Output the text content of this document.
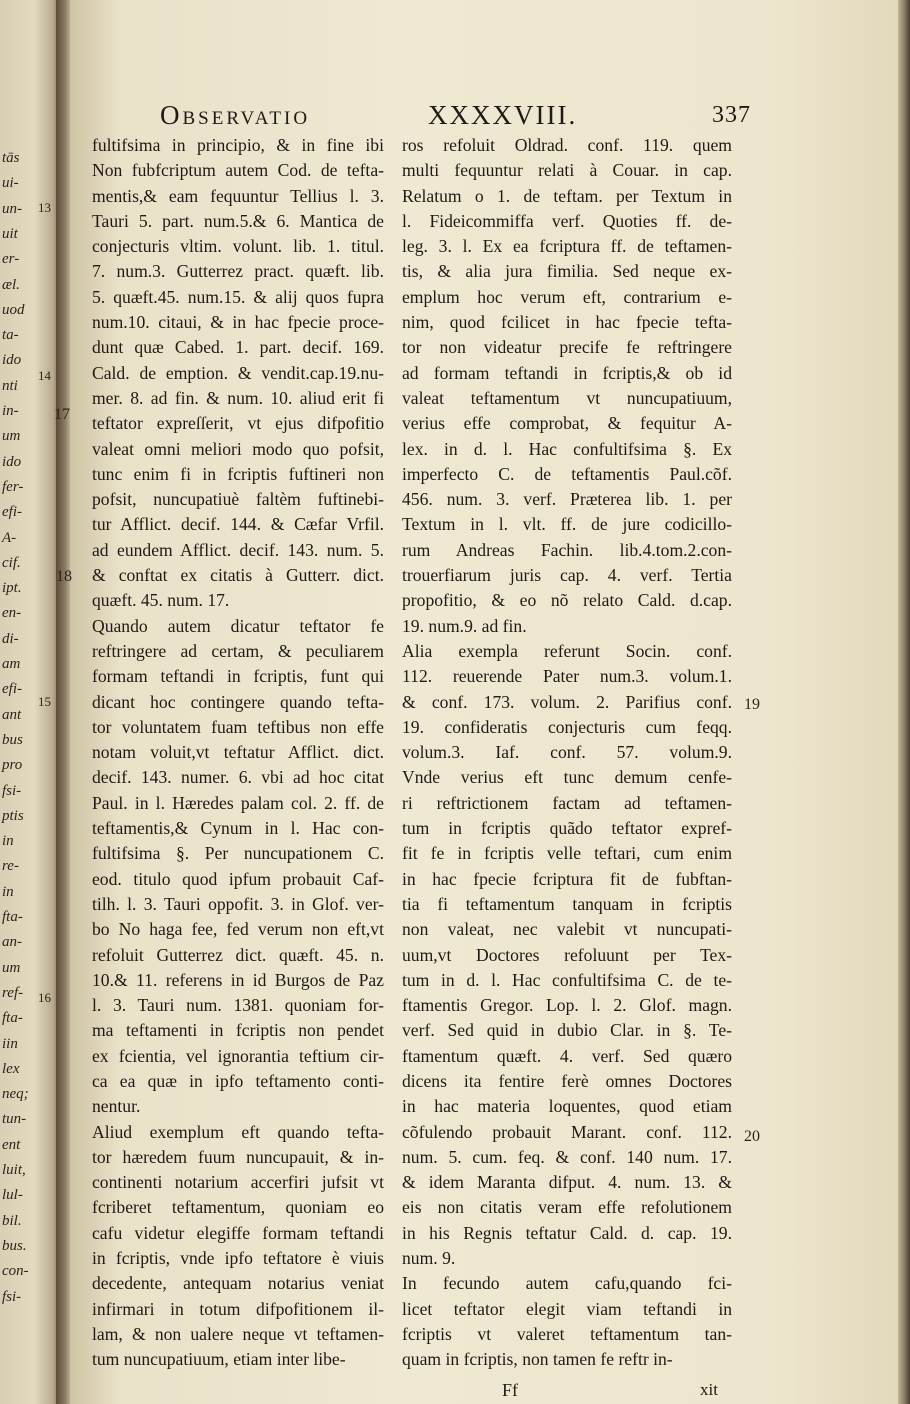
tās
ui-
un-
uit
er-
æl.
uod
ta-
ido
nti
in-
um
ido
fer-
efi-
A-
cif.
ipt.
en-
di-
am
efi-
ant
bus
pro
fsi-
ptis
in
re-
in
fta-
an-
um
ref-
fta-
iin
lex
neq;
tun-
ent
luit,
lul-
bil.
bus.
con-
fsi-
13
14
15
16
Observatio	XXXXVIII.	337
fultifsima in principio, & in fine ibi
Non fubfcriptum autem Cod. de tefta-
mentis,& eam fequuntur Tellius l. 3.
Tauri 5. part. num.5.& 6. Mantica de
conjecturis vltim. volunt. lib. 1. titul.
7. num.3. Gutterrez pract. quæft. lib.
5. quæft.45. num.15. & alij quos fupra
num.10. citaui, & in hac fpecie proce-
dunt quæ Cabed. 1. part. decif. 169.
Cald. de emption. & vendit.cap.19.nu-
mer. 8. ad fin. & num. 10. aliud erit fi
teftator expreſſerit, vt ejus difpofitio
valeat omni meliori modo quo pofsit,
tunc enim fi in fcriptis fuftineri non
pofsit, nuncupatiuè faltèm fuftinebi-
tur Afflict. decif. 144. & Cæfar Vrfil.
ad eundem Afflict. decif. 143. num. 5.
& conftat ex citatis à Gutterr. dict.
quæft. 45. num. 17.
Quando autem dicatur teftator fe
reftringere ad certam, & peculiarem
formam teftandi in fcriptis, funt qui
dicant hoc contingere quando tefta-
tor voluntatem fuam teftibus non effe
notam voluit,vt teftatur Afflict. dict.
decif. 143. numer. 6. vbi ad hoc citat
Paul. in l. Hæredes palam col. 2. ff. de
teftamentis,& Cynum in l. Hac con-
fultifsima §. Per nuncupationem C.
eod. titulo quod ipfum probauit Caf-
tilh. l. 3. Tauri oppofit. 3. in Glof. ver-
bo No haga fee, fed verum non eft,vt
refoluit Gutterrez dict. quæft. 45. n.
10.& 11. referens in id Burgos de Paz
l. 3. Tauri num. 1381. quoniam for-
ma teftamenti in fcriptis non pendet
ex fcientia, vel ignorantia teftium cir-
ca ea quæ in ipfo teftamento conti-
nentur.
Aliud exemplum eft quando tefta-
tor hæredem fuum nuncupauit, & in-
continenti notarium accerfiri jufsit vt
fcriberet teftamentum, quoniam eo
cafu videtur elegiffe formam teftandi
in fcriptis, vnde ipfo teftatore è viuis
decedente, antequam notarius veniat
infirmari in totum difpofitionem il-
lam, & non ualere neque vt teftamen-
tum nuncupatiuum, etiam inter libe-
ros refoluit Oldrad. conf. 119. quem
multi fequuntur relati à Couar. in cap.
Relatum o 1. de teftam. per Textum in
l. Fideicommiffa verf. Quoties ff. de-
leg. 3. l. Ex ea fcriptura ff. de teftamen-
tis, & alia jura fimilia. Sed neque ex-
emplum hoc verum eft, contrarium e-
nim, quod fcilicet in hac fpecie tefta-
tor non videatur precife fe reftringere
ad formam teftandi in fcriptis,& ob id
valeat teftamentum vt nuncupatiuum,
verius effe comprobat, & fequitur A-
lex. in d. l. Hac confultifsima §. Ex
imperfecto C. de teftamentis Paul.cõf.
456. num. 3. verf. Præterea lib. 1. per
Textum in l. vlt. ff. de jure codicillo-
rum Andreas Fachin. lib.4.tom.2.con-
trouerfiarum juris cap. 4. verf. Tertia
propofitio, & eo nõ relato Cald. d.cap.
19. num.9. ad fin.
Alia exempla referunt Socin. conf.
112. reuerende Pater num.3. volum.1.
& conf. 173. volum. 2. Parifius conf.
19. confideratis conjecturis cum feqq.
volum.3. Iaf. conf. 57. volum.9.
Vnde verius eft tunc demum cenfe-
ri reftrictionem factam ad teftamen-
tum in fcriptis quãdo teftator expref-
fit fe in fcriptis velle teftari, cum enim
in hac fpecie fcriptura fit de fubftan-
tia fi teftamentum tanquam in fcriptis
non valeat, nec valebit vt nuncupati-
uum,vt Doctores refoluunt per Tex-
tum in d. l. Hac confultifsima C. de te-
ftamentis Gregor. Lop. l. 2. Glof. magn.
verf. Sed quid in dubio Clar. in §. Te-
ftamentum quæft. 4. verf. Sed quæro
dicens ita fentire ferè omnes Doctores
in hac materia loquentes, quod etiam
cõfulendo probauit Marant. conf. 112.
num. 5. cum. feq. & conf. 140 num. 17.
& idem Maranta difput. 4. num. 13. &
eis non citatis veram effe refolutionem
in his Regnis teftatur Cald. d. cap. 19.
num. 9.
In fecundo autem cafu,quando fci-
licet teftator elegit viam teftandi in
fcriptis vt valeret teftamentum tan-
quam in fcriptis, non tamen fe reftr in-
17
18
19
20
Ff	xit
